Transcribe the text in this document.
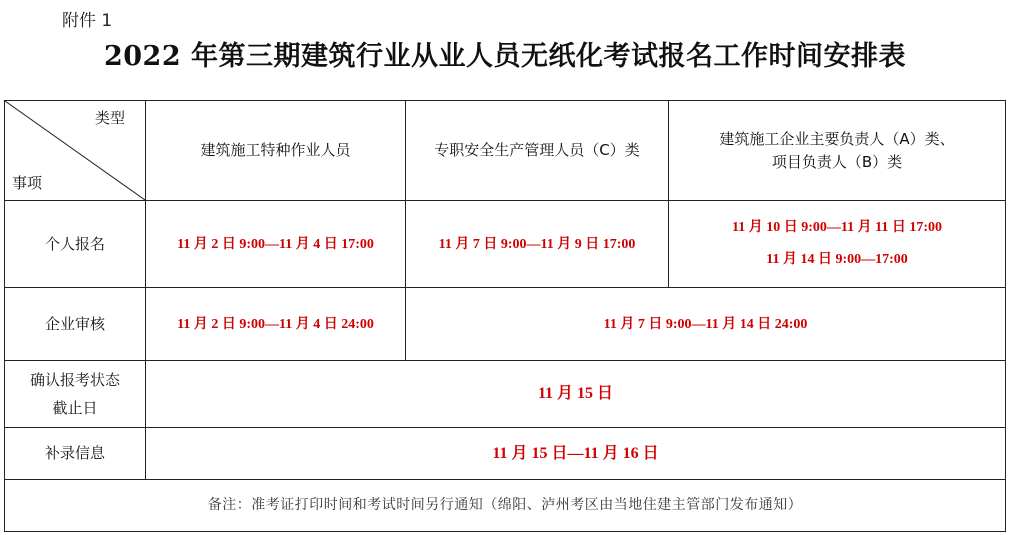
附件 1
2022 年第三期建筑行业从业人员无纸化考试报名工作时间安排表
类型
事项	建筑施工特种作业人员	专职安全生产管理人员（C）类	建筑施工企业主要负责人（A）类、
项目负责人（B）类

个人报名	11 月 2 日 9:00—11 月 4 日 17:00	11 月 7 日 9:00—11 月 9 日 17:00	11 月 10 日 9:00—11 月 11 日 17:00
11 月 14 日 9:00—17:00

企业审核	11 月 2 日 9:00—11 月 4 日 24:00	11 月 7 日 9:00—11 月 14 日 24:00	

确认报考状态
截止日	11 月 15 日		
补录信息	11 月 15 日—11 月 16 日		
备注：准考证打印时间和考试时间另行通知（绵阳、泸州考区由当地住建主管部门发布通知）			
